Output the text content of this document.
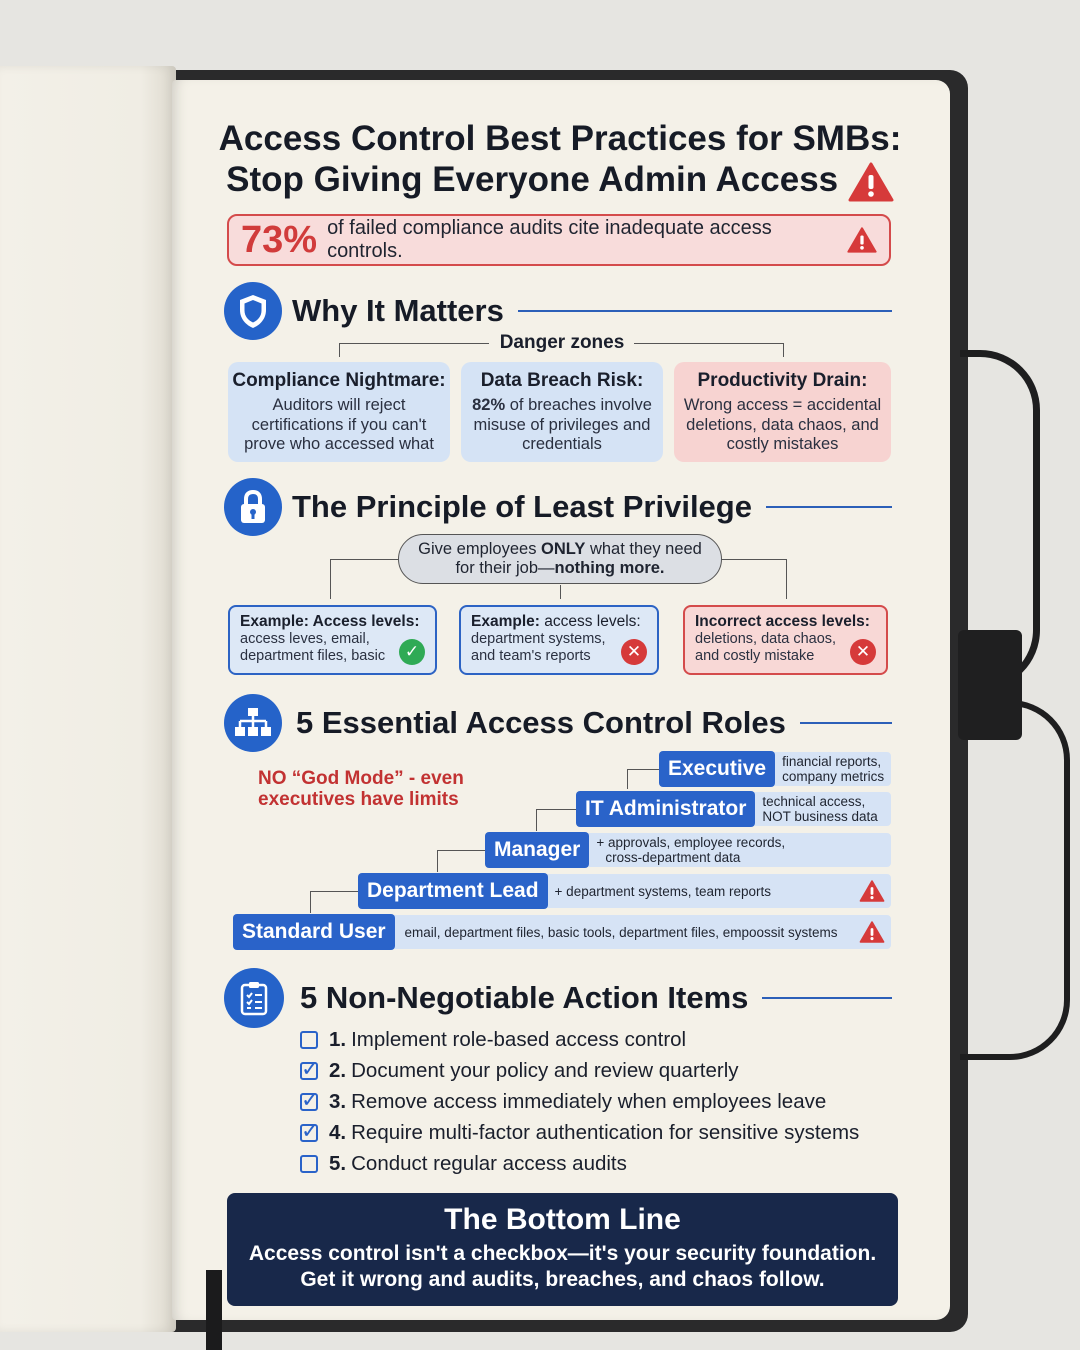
Access Control Best Practices for SMBs:
Stop Giving Everyone Admin Access
73% of failed compliance audits cite inadequate access controls.
Why It Matters
Danger zones
Compliance Nightmare:
Auditors will reject certifications if you can't prove who accessed what
Data Breach Risk:
82% of breaches involve misuse of privileges and credentials
Productivity Drain:
Wrong access = accidental deletions, data chaos, and costly mistakes
The Principle of Least Privilege
Give employees ONLY what they need
for their job—nothing more.
Example: Access levels:
access leves, email, department files, basic	✓
Example: access levels:
department systems, and team's reports	✕
Incorrect access levels:
deletions, data chaos, and costly mistake	✕
5 Essential Access Control Roles
NO “God Mode” - even
executives have limits
Executive	financial reports,
company metrics
IT Administrator	technical access,
NOT business data
Manager	+ approvals, employee records,
cross-department data
Department Lead	+ department systems, team reports
Standard User	email, department files, basic tools, department files, empoossit systems
5 Non-Negotiable Action Items
1. Implement role-based access control
✓ 2. Document your policy and review quarterly
✓ 3. Remove access immediately when employees leave
✓ 4. Require multi-factor authentication for sensitive systems
5. Conduct regular access audits
The Bottom Line
Access control isn't a checkbox—it's your security foundation.
Get it wrong and audits, breaches, and chaos follow.
